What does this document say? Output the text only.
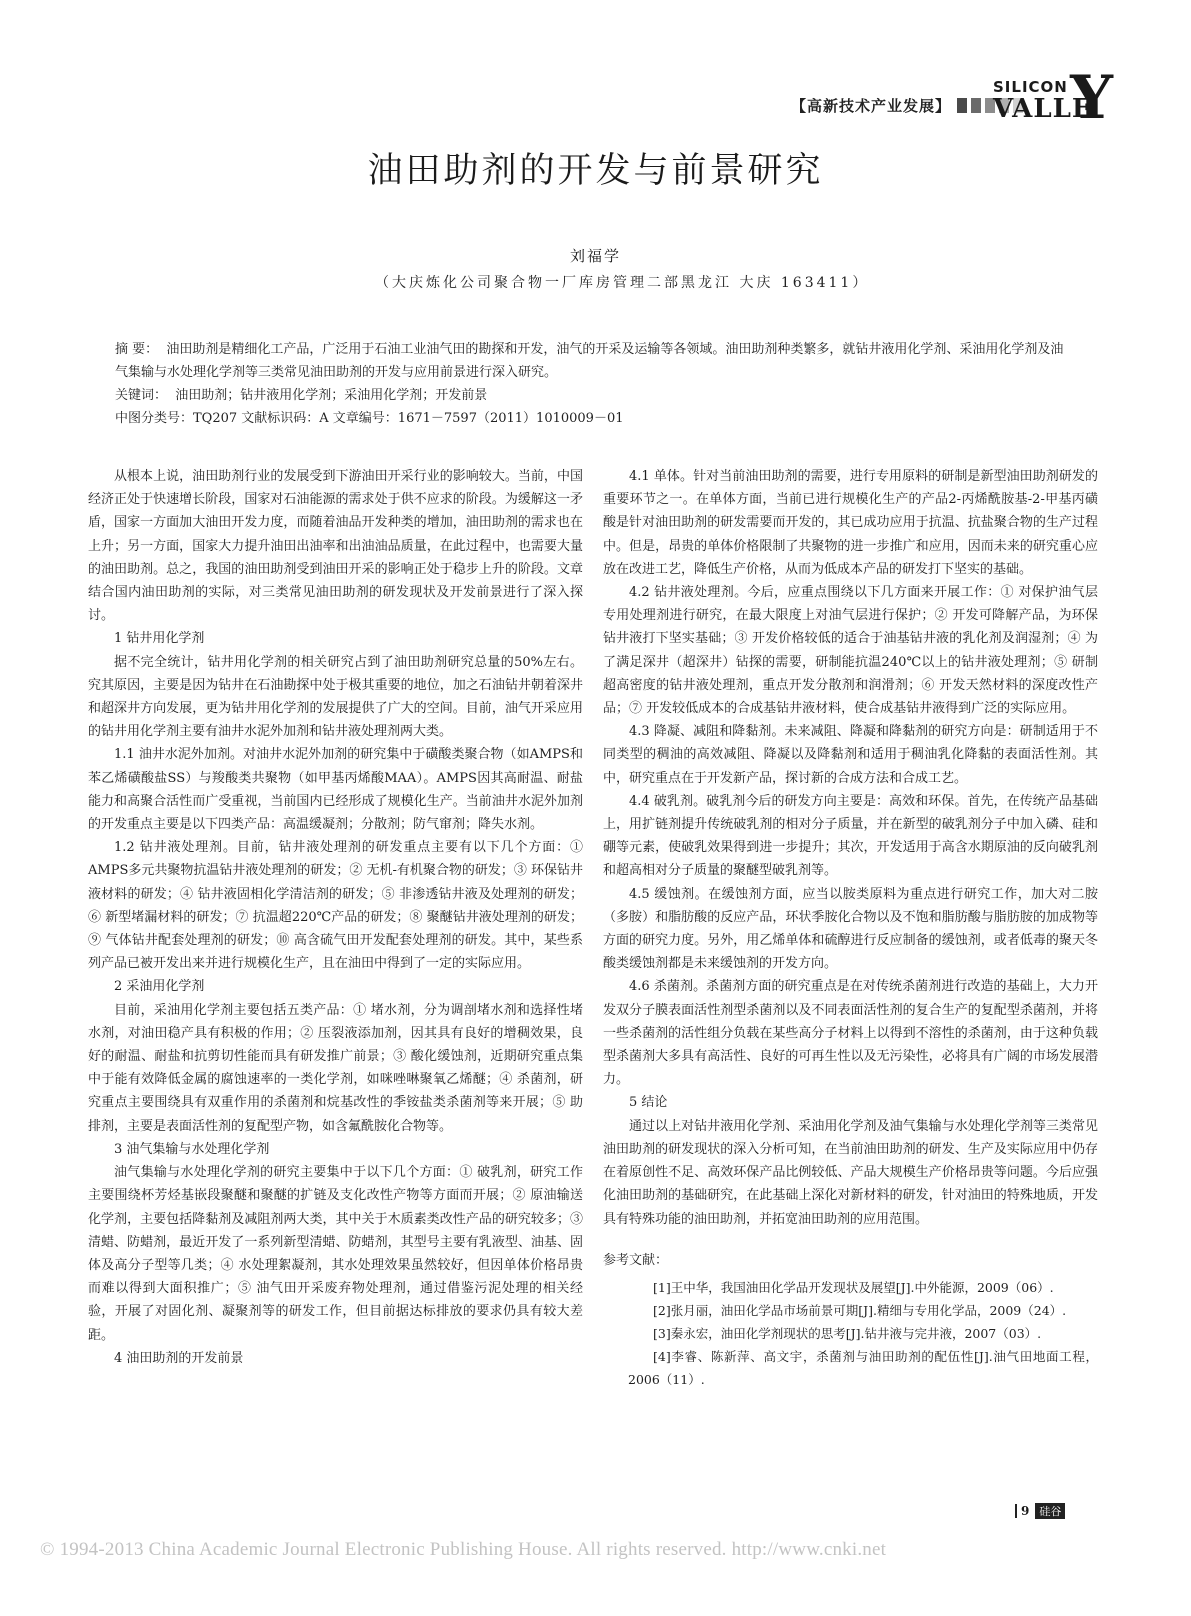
【高新技术产业发展】
SILICON
VALLE
Y
油田助剂的开发与前景研究
刘福学
（大庆炼化公司聚合物一厂库房管理二部黑龙江 大庆 163411）

摘 要： 油田助剂是精细化工产品，广泛用于石油工业油气田的勘探和开发，油气的开采及运输等各领域。油田助剂种类繁多，就钻井液用化学剂、采油用化学剂及油气集输与水处理化学剂等三类常见油田助剂的开发与应用前景进行深入研究。

关键词： 油田助剂；钻井液用化学剂；采油用化学剂；开发前景

中图分类号：TQ207 文献标识码：A 文章编号：1671－7597（2011）1010009－01

从根本上说，油田助剂行业的发展受到下游油田开采行业的影响较大。当前，中国经济正处于快速增长阶段，国家对石油能源的需求处于供不应求的阶段。为缓解这一矛盾，国家一方面加大油田开发力度，而随着油品开发种类的增加，油田助剂的需求也在上升；另一方面，国家大力提升油田出油率和出油油品质量，在此过程中，也需要大量的油田助剂。总之，我国的油田助剂受到油田开采的影响正处于稳步上升的阶段。文章结合国内油田助剂的实际，对三类常见油田助剂的研发现状及开发前景进行了深入探讨。

1 钻井用化学剂

据不完全统计，钻井用化学剂的相关研究占到了油田助剂研究总量的50%左右。究其原因，主要是因为钻井在石油勘探中处于极其重要的地位，加之石油钻井朝着深井和超深井方向发展，更为钻井用化学剂的发展提供了广大的空间。目前，油气开采应用的钻井用化学剂主要有油井水泥外加剂和钻井液处理剂两大类。

1.1 油井水泥外加剂。对油井水泥外加剂的研究集中于磺酸类聚合物（如AMPS和苯乙烯磺酸盐SS）与羧酸类共聚物（如甲基丙烯酸MAA）。AMPS因其高耐温、耐盐能力和高聚合活性而广受重视，当前国内已经形成了规模化生产。当前油井水泥外加剂的开发重点主要是以下四类产品：高温缓凝剂；分散剂；防气窜剂；降失水剂。

1.2 钻井液处理剂。目前，钻井液处理剂的研发重点主要有以下几个方面：① AMPS多元共聚物抗温钻井液处理剂的研发；② 无机-有机聚合物的研发；③ 环保钻井液材料的研发；④ 钻井液固相化学清洁剂的研发；⑤ 非渗透钻井液及处理剂的研发；⑥ 新型堵漏材料的研发；⑦ 抗温超220℃产品的研发；⑧ 聚醚钻井液处理剂的研发；⑨ 气体钻井配套处理剂的研发；⑩ 高含硫气田开发配套处理剂的研发。其中，某些系列产品已被开发出来并进行规模化生产，且在油田中得到了一定的实际应用。

2 采油用化学剂

目前，采油用化学剂主要包括五类产品：① 堵水剂，分为调剖堵水剂和选择性堵水剂，对油田稳产具有积极的作用；② 压裂液添加剂，因其具有良好的增稠效果，良好的耐温、耐盐和抗剪切性能而具有研发推广前景；③ 酸化缓蚀剂，近期研究重点集中于能有效降低金属的腐蚀速率的一类化学剂，如咪唑啉聚氧乙烯醚；④ 杀菌剂，研究重点主要围绕具有双重作用的杀菌剂和烷基改性的季铵盐类杀菌剂等来开展；⑤ 助排剂，主要是表面活性剂的复配型产物，如含氟酰胺化合物等。

3 油气集输与水处理化学剂

油气集输与水处理化学剂的研究主要集中于以下几个方面：① 破乳剂，研究工作主要围绕杯芳烃基嵌段聚醚和聚醚的扩链及支化改性产物等方面而开展；② 原油输送化学剂，主要包括降黏剂及减阻剂两大类，其中关于木质素类改性产品的研究较多；③ 清蜡、防蜡剂，最近开发了一系列新型清蜡、防蜡剂，其型号主要有乳液型、油基、固体及高分子型等几类；④ 水处理絮凝剂，其水处理效果虽然较好，但因单体价格昂贵而难以得到大面积推广；⑤ 油气田开采废弃物处理剂，通过借鉴污泥处理的相关经验，开展了对固化剂、凝聚剂等的研发工作，但目前据达标排放的要求仍具有较大差距。

4 油田助剂的开发前景

4.1 单体。针对当前油田助剂的需要，进行专用原料的研制是新型油田助剂研发的重要环节之一。在单体方面，当前已进行规模化生产的产品2-丙烯酰胺基-2-甲基丙磺酸是针对油田助剂的研发需要而开发的，其已成功应用于抗温、抗盐聚合物的生产过程中。但是，昂贵的单体价格限制了共聚物的进一步推广和应用，因而未来的研究重心应放在改进工艺，降低生产价格，从而为低成本产品的研发打下坚实的基础。

4.2 钻井液处理剂。今后，应重点围绕以下几方面来开展工作：① 对保护油气层专用处理剂进行研究，在最大限度上对油气层进行保护；② 开发可降解产品，为环保钻井液打下坚实基础；③ 开发价格较低的适合于油基钻井液的乳化剂及润湿剂；④ 为了满足深井（超深井）钻探的需要，研制能抗温240℃以上的钻井液处理剂；⑤ 研制超高密度的钻井液处理剂，重点开发分散剂和润滑剂；⑥ 开发天然材料的深度改性产品；⑦ 开发较低成本的合成基钻井液材料，使合成基钻井液得到广泛的实际应用。

4.3 降凝、减阻和降黏剂。未来减阻、降凝和降黏剂的研究方向是：研制适用于不同类型的稠油的高效减阻、降凝以及降黏剂和适用于稠油乳化降黏的表面活性剂。其中，研究重点在于开发新产品，探讨新的合成方法和合成工艺。

4.4 破乳剂。破乳剂今后的研发方向主要是：高效和环保。首先，在传统产品基础上，用扩链剂提升传统破乳剂的相对分子质量，并在新型的破乳剂分子中加入磷、硅和硼等元素，使破乳效果得到进一步提升；其次，开发适用于高含水期原油的反向破乳剂和超高相对分子质量的聚醚型破乳剂等。

4.5 缓蚀剂。在缓蚀剂方面，应当以胺类原料为重点进行研究工作，加大对二胺（多胺）和脂肪酸的反应产品，环状季胺化合物以及不饱和脂肪酸与脂肪胺的加成物等方面的研究力度。另外，用乙烯单体和硫醇进行反应制备的缓蚀剂，或者低毒的聚天冬酸类缓蚀剂都是未来缓蚀剂的开发方向。

4.6 杀菌剂。杀菌剂方面的研究重点是在对传统杀菌剂进行改造的基础上，大力开发双分子膜表面活性剂型杀菌剂以及不同表面活性剂的复合生产的复配型杀菌剂，并将一些杀菌剂的活性组分负载在某些高分子材料上以得到不溶性的杀菌剂，由于这种负载型杀菌剂大多具有高活性、良好的可再生性以及无污染性，必将具有广阔的市场发展潜力。

5 结论

通过以上对钻井液用化学剂、采油用化学剂及油气集输与水处理化学剂等三类常见油田助剂的研发现状的深入分析可知，在当前油田助剂的研发、生产及实际应用中仍存在着原创性不足、高效环保产品比例较低、产品大规模生产价格昂贵等问题。今后应强化油田助剂的基础研究，在此基础上深化对新材料的研发，针对油田的特殊地质，开发具有特殊功能的油田助剂，并拓宽油田助剂的应用范围。

参考文献：

[1]王中华，我国油田化学品开发现状及展望[J].中外能源，2009（06）.

[2]张月丽，油田化学品市场前景可期[J].精细与专用化学品，2009（24）.

[3]秦永宏，油田化学剂现状的思考[J].钻井液与完井液，2007（03）.

[4]李睿、陈新萍、高文宇，杀菌剂与油田助剂的配伍性[J].油气田地面工程，2006（11）.

9 硅谷
© 1994-2013 China Academic Journal Electronic Publishing House. All rights reserved. http://www.cnki.net
